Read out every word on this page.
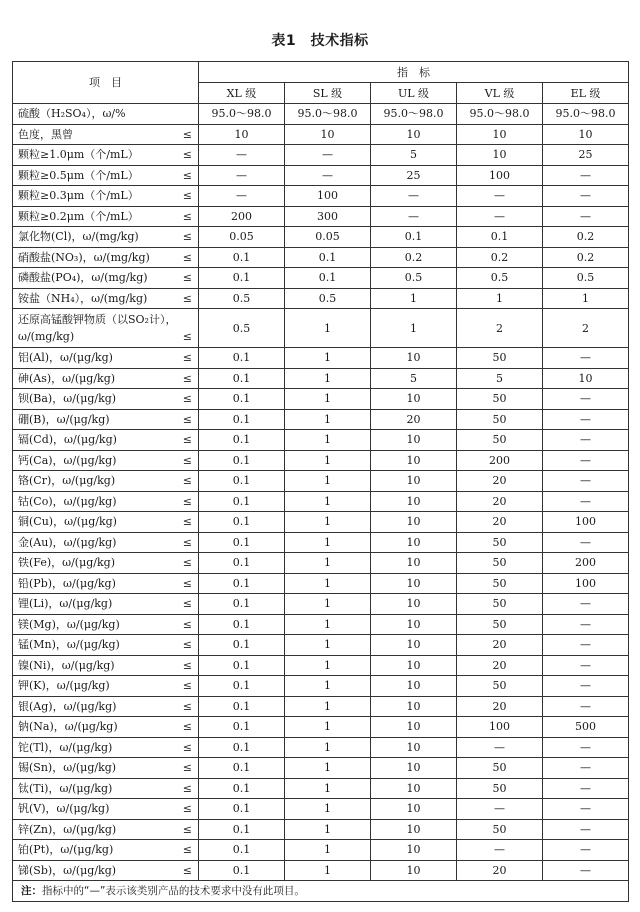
表1　技术指标
项　目	指　标				
	XL 级	SL 级	UL 级	VL 级	EL 级

硫酸（H₂SO₄），ω/%	95.0～98.0	95.0～98.0	95.0～98.0	95.0～98.0	95.0～98.0

色度，黑曾 ≤	10	10	10	10	10

颗粒≥1.0μm（个/mL） ≤	—	—	5	10	25

颗粒≥0.5μm（个/mL） ≤	—	—	25	100	—

颗粒≥0.3μm（个/mL） ≤	—	100	—	—	—

颗粒≥0.2μm（个/mL） ≤	200	300	—	—	—

氯化物(Cl)，ω/(mg/kg) ≤	0.05	0.05	0.1	0.1	0.2

硝酸盐(NO₃)，ω/(mg/kg) ≤	0.1	0.1	0.2	0.2	0.2

磷酸盐(PO₄)，ω/(mg/kg) ≤	0.1	0.1	0.5	0.5	0.5

铵盐（NH₄），ω/(mg/kg) ≤	0.5	0.5	1	1	1

还原高锰酸钾物质（以SO₂计），ω/(mg/kg) ≤	0.5	1	1	2	2

铝(Al)，ω/(μg/kg) ≤	0.1	1	10	50	—

砷(As)，ω/(μg/kg) ≤	0.1	1	5	5	10

钡(Ba)，ω/(μg/kg) ≤	0.1	1	10	50	—

硼(B)，ω/(μg/kg) ≤	0.1	1	20	50	—

镉(Cd)，ω/(μg/kg) ≤	0.1	1	10	50	—

钙(Ca)，ω/(μg/kg) ≤	0.1	1	10	200	—

铬(Cr)，ω/(μg/kg) ≤	0.1	1	10	20	—

钴(Co)，ω/(μg/kg) ≤	0.1	1	10	20	—

铜(Cu)，ω/(μg/kg) ≤	0.1	1	10	20	100

金(Au)，ω/(μg/kg) ≤	0.1	1	10	50	—

铁(Fe)，ω/(μg/kg) ≤	0.1	1	10	50	200

铅(Pb)，ω/(μg/kg) ≤	0.1	1	10	50	100

锂(Li)，ω/(μg/kg) ≤	0.1	1	10	50	—

镁(Mg)，ω/(μg/kg) ≤	0.1	1	10	50	—

锰(Mn)，ω/(μg/kg) ≤	0.1	1	10	20	—

镍(Ni)，ω/(μg/kg) ≤	0.1	1	10	20	—

钾(K)，ω/(μg/kg) ≤	0.1	1	10	50	—

银(Ag)，ω/(μg/kg) ≤	0.1	1	10	20	—

钠(Na)，ω/(μg/kg) ≤	0.1	1	10	100	500

铊(Tl)，ω/(μg/kg) ≤	0.1	1	10	—	—

锡(Sn)，ω/(μg/kg) ≤	0.1	1	10	50	—

钛(Ti)，ω/(μg/kg) ≤	0.1	1	10	50	—

钒(V)，ω/(μg/kg) ≤	0.1	1	10	—	—

锌(Zn)，ω/(μg/kg) ≤	0.1	1	10	50	—

铂(Pt)，ω/(μg/kg) ≤	0.1	1	10	—	—

锑(Sb)，ω/(μg/kg) ≤	0.1	1	10	20	—
注：指标中的“—”表示该类别产品的技术要求中没有此项目。					
